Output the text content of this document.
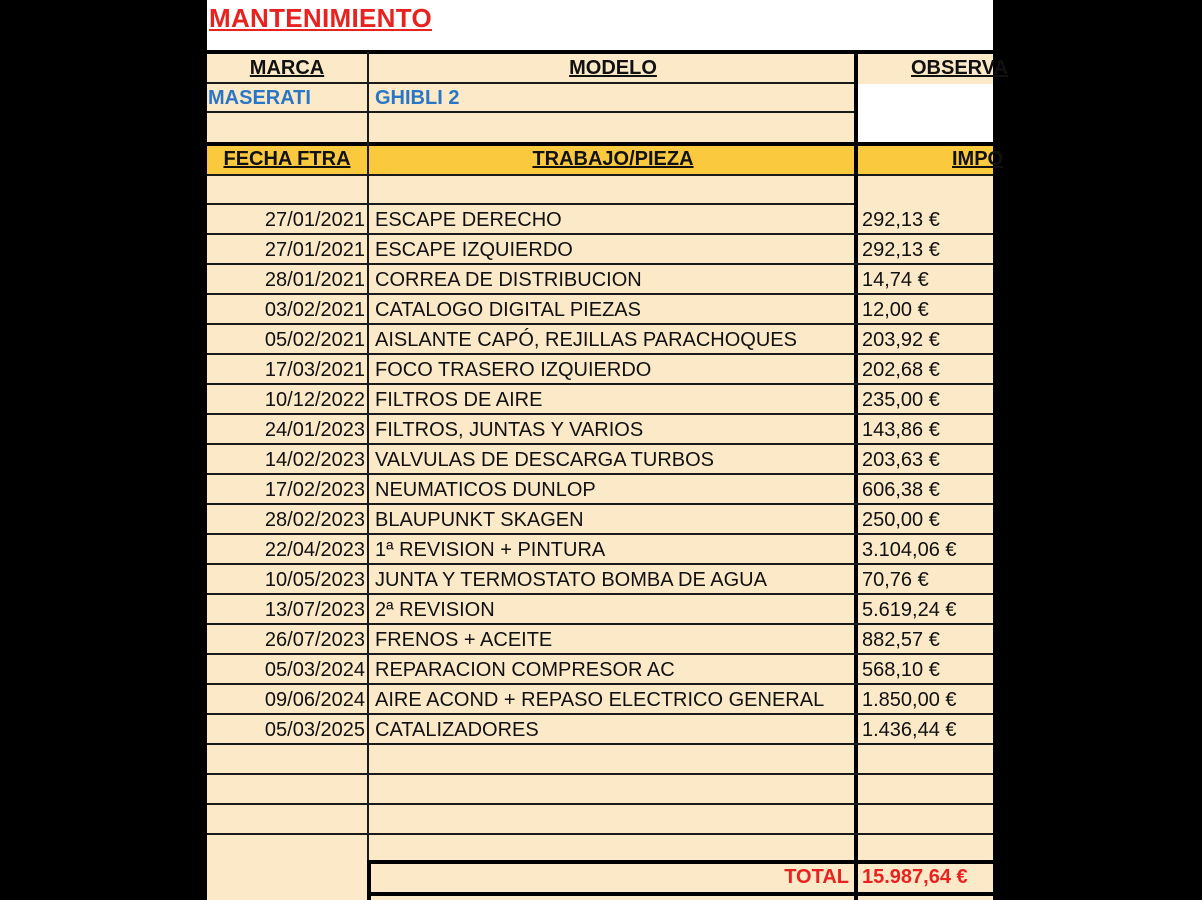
MANTENIMIENTO
MARCA	MODELO	OBSERVA
MASERATI	GHIBLI 2
FECHA FTRA	TRABAJO/PIEZA	IMPO
27/01/2021 ESCAPE DERECHO	292,13 €
27/01/2021 ESCAPE IZQUIERDO	292,13 €
28/01/2021 CORREA DE DISTRIBUCION	14,74 €
03/02/2021 CATALOGO DIGITAL PIEZAS	12,00 €
05/02/2021 AISLANTE CAPÓ, REJILLAS PARACHOQUES	203,92 €
17/03/2021 FOCO TRASERO IZQUIERDO	202,68 €
10/12/2022 FILTROS DE AIRE	235,00 €
24/01/2023 FILTROS, JUNTAS Y VARIOS	143,86 €
14/02/2023 VALVULAS DE DESCARGA TURBOS	203,63 €
17/02/2023 NEUMATICOS DUNLOP	606,38 €
28/02/2023 BLAUPUNKT SKAGEN	250,00 €
22/04/2023 1ª REVISION + PINTURA	3.104,06 €
10/05/2023 JUNTA Y TERMOSTATO BOMBA DE AGUA	70,76 €
13/07/2023 2ª REVISION	5.619,24 €
26/07/2023 FRENOS + ACEITE	882,57 €
05/03/2024 REPARACION COMPRESOR AC	568,10 €
09/06/2024 AIRE ACOND + REPASO ELECTRICO GENERAL	1.850,00 €
05/03/2025 CATALIZADORES	1.436,44 €
TOTAL 15.987,64 €
